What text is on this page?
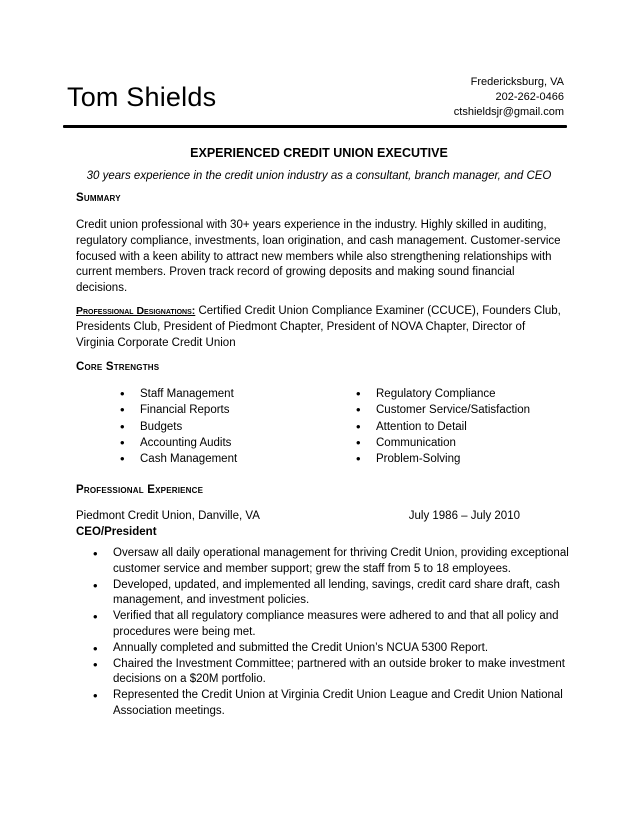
Tom Shields	Fredericksburg, VA
202-262-0466
ctshieldsjr@gmail.com
EXPERIENCED CREDIT UNION EXECUTIVE
30 years experience in the credit union industry as a consultant, branch manager, and CEO
Summary
Credit union professional with 30+ years experience in the industry. Highly skilled in auditing, regulatory compliance, investments, loan origination, and cash management. Customer-service focused with a keen ability to attract new members while also strengthening relationships with current members. Proven track record of growing deposits and making sound financial decisions.
Professional Designations: Certified Credit Union Compliance Examiner (CCUCE), Founders Club, Presidents Club, President of Piedmont Chapter, President of NOVA Chapter, Director of Virginia Corporate Credit Union
Core Strengths
• Staff Management
• Financial Reports
• Budgets
• Accounting Audits
• Cash Management
• Regulatory Compliance
• Customer Service/Satisfaction
• Attention to Detail
• Communication
• Problem-Solving
Professional Experience
Piedmont Credit Union, Danville, VA	July 1986 – July 2010
CEO/President
• Oversaw all daily operational management for thriving Credit Union, providing exceptional customer service and member support; grew the staff from 5 to 18 employees.
• Developed, updated, and implemented all lending, savings, credit card share draft, cash management, and investment policies.
• Verified that all regulatory compliance measures were adhered to and that all policy and procedures were being met.
• Annually completed and submitted the Credit Union’s NCUA 5300 Report.
• Chaired the Investment Committee; partnered with an outside broker to make investment decisions on a $20M portfolio.
• Represented the Credit Union at Virginia Credit Union League and Credit Union National Association meetings.
